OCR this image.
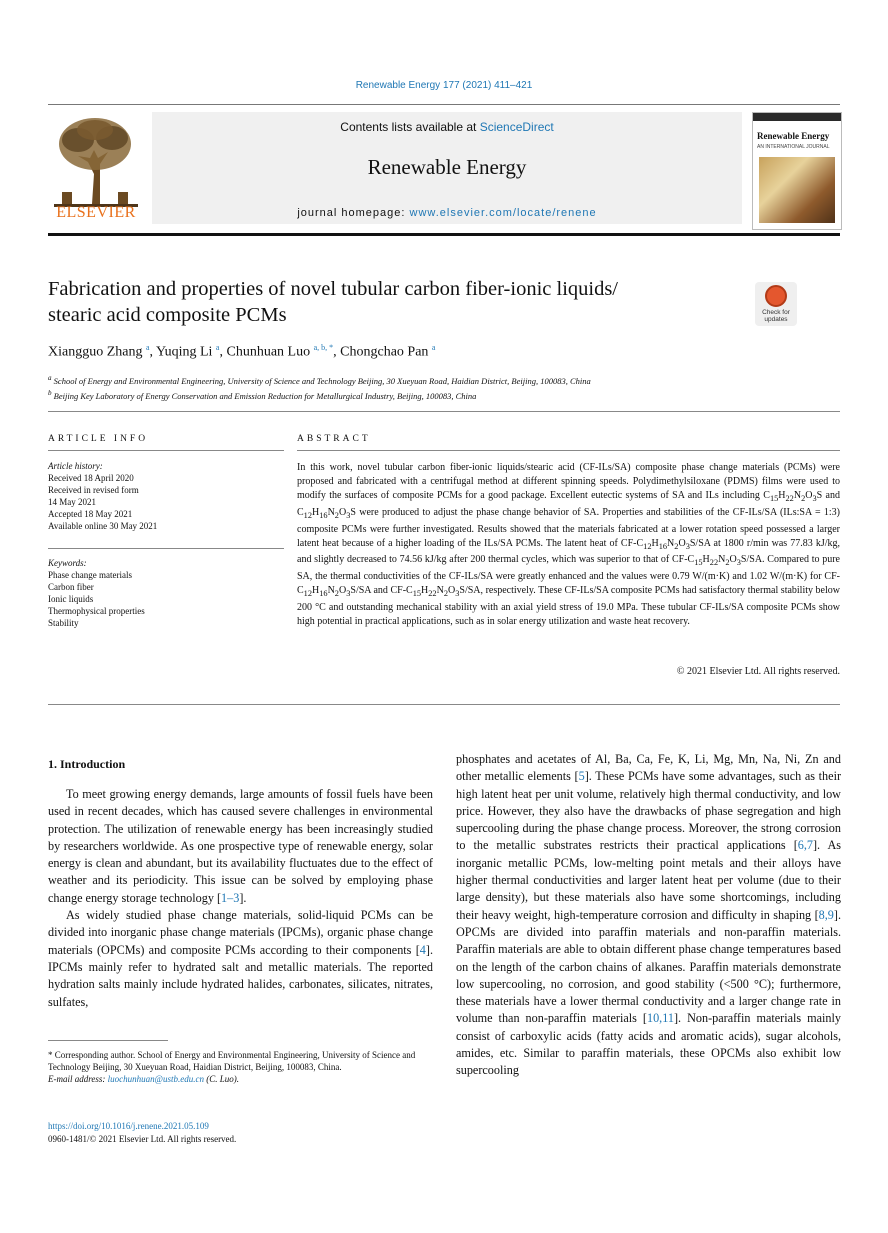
Renewable Energy 177 (2021) 411–421
ELSEVIER
Contents lists available at ScienceDirect
Renewable Energy
journal homepage: www.elsevier.com/locate/renene
Renewable Energy
AN INTERNATIONAL JOURNAL
Fabrication and properties of novel tubular carbon fiber-ionic liquids/
stearic acid composite PCMs	Check for
updates
Xiangguo Zhang $^a$, Yuqing Li $^a$, Chunhuan Luo $^{a, b, *}$, Chongchao Pan $^a$
$^a$ School of Energy and Environmental Engineering, University of Science and Technology Beijing, 30 Xueyuan Road, Haidian District, Beijing, 100083, China
$^b$ Beijing Key Laboratory of Energy Conservation and Emission Reduction for Metallurgical Industry, Beijing, 100083, China
ARTICLE INFO
Article history:
Received 18 April 2020
Received in revised form
14 May 2021
Accepted 18 May 2021
Available online 30 May 2021
Keywords:
Phase change materials
Carbon fiber
Ionic liquids
Thermophysical properties
Stability
ABSTRACT
In this work, novel tubular carbon fiber-ionic liquids/stearic acid (CF-ILs/SA) composite phase change materials (PCMs) were proposed and fabricated with a centrifugal method at different spinning speeds. Polydimethylsiloxane (PDMS) films were used to modify the surfaces of composite PCMs for a good package. Excellent eutectic systems of SA and ILs including $C_{15}H_{22}N_2O_3S$ and $C_{12}H_{16}N_2O_3S$ were produced to adjust the phase change behavior of SA. Properties and stabilities of the CF-ILs/SA (ILs:SA = 1:3) composite PCMs were further investigated. Results showed that the materials fabricated at a lower rotation speed possessed a larger latent heat because of a higher loading of the ILs/SA PCMs. The latent heat of $CF-C_{12}H_{16}N_2O_3S/SA$ at 1800 r/min was 77.83 kJ/kg, and slightly decreased to 74.56 kJ/kg after 200 thermal cycles, which was superior to that of $CF-C_{15}H_{22}N_2O_3S/SA$. Compared to pure SA, the thermal conductivities of the CF-ILs/SA were greatly enhanced and the values were 0.79 W/(m·K) and 1.02 W/(m·K) for $CF-C_{12}H_{16}N_2O_3S/SA$ and $CF-C_{15}H_{22}N_2O_3S/SA$, respectively. These CF-ILs/SA composite PCMs had satisfactory thermal stability below 200 °C and outstanding mechanical stability with an axial yield stress of 19.0 MPa. These tubular CF-ILs/SA composite PCMs show high potential in practical applications, such as in solar energy utilization and waste heat recovery.
© 2021 Elsevier Ltd. All rights reserved.
1. Introduction

To meet growing energy demands, large amounts of fossil fuels have been used in recent decades, which has caused severe challenges in environmental protection. The utilization of renewable energy has been increasingly studied by researchers worldwide. As one prospective type of renewable energy, solar energy is clean and abundant, but its availability fluctuates due to the effect of weather and its periodicity. This issue can be solved by employing phase change energy storage technology [1–3].

As widely studied phase change materials, solid-liquid PCMs can be divided into inorganic phase change materials (IPCMs), organic phase change materials (OPCMs) and composite PCMs according to their components [4]. IPCMs mainly refer to hydrated salt and metallic materials. The reported hydration salts mainly include hydrated halides, carbonates, silicates, nitrates, sulfates,

phosphates and acetates of Al, Ba, Ca, Fe, K, Li, Mg, Mn, Na, Ni, Zn and other metallic elements [5]. These PCMs have some advantages, such as their high latent heat per unit volume, relatively high thermal conductivity, and low price. However, they also have the drawbacks of phase segregation and high supercooling during the phase change process. Moreover, the strong corrosion to the metallic substrates restricts their practical applications [6,7]. As inorganic metallic PCMs, low-melting point metals and their alloys have higher thermal conductivities and larger latent heat per volume (due to their large density), but these materials also have some shortcomings, including their heavy weight, high-temperature corrosion and difficulty in shaping [8,9]. OPCMs are divided into paraffin materials and non-paraffin materials. Paraffin materials are able to obtain different phase change temperatures based on the length of the carbon chains of alkanes. Paraffin materials demonstrate low supercooling, no corrosion, and good stability (<500 °C); furthermore, these materials have a lower thermal conductivity and a larger change rate in volume than non-paraffin materials [10,11]. Non-paraffin materials mainly consist of carboxylic acids (fatty acids and aromatic acids), sugar alcohols, amides, etc. Similar to paraffin materials, these OPCMs also exhibit low supercooling

* Corresponding author. School of Energy and Environmental Engineering, University of Science and Technology Beijing, 30 Xueyuan Road, Haidian District, Beijing, 100083, China.
E-mail address: luochunhuan@ustb.edu.cn (C. Luo).
https://doi.org/10.1016/j.renene.2021.05.109
0960-1481/© 2021 Elsevier Ltd. All rights reserved.
